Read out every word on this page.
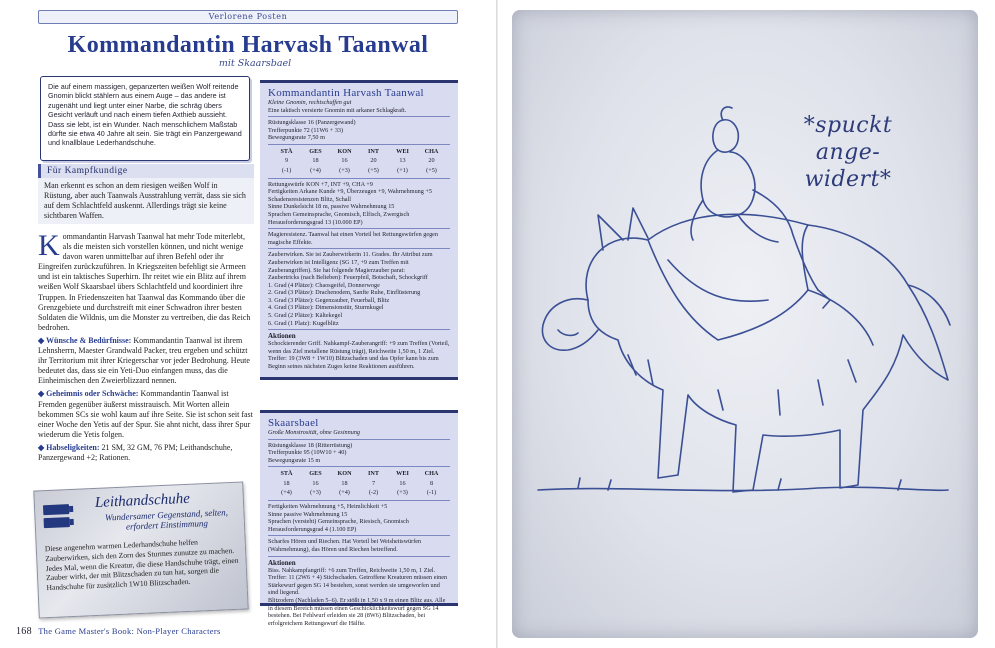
Verlorene Posten
Kommandantin Harvash Taanwal
mit Skaarsbael

Die auf einem massigen, gepanzerten weißen Wolf reitende Gnomin blickt stählern aus einem Auge – das andere ist zugenäht und liegt unter einer Narbe, die schräg übers Gesicht verläuft und nach einem tiefen Axthieb aussieht. Dass sie lebt, ist ein Wunder. Nach menschlichem Maßstab dürfte sie etwa 40 Jahre alt sein. Sie trägt ein Panzergewand und knallblaue Lederhandschuhe.

Für Kampfkundige
Man erkennt es schon an dem riesigen weißen Wolf in Rüstung, aber auch Taanwals Ausstrahlung verrät, dass sie sich auf dem Schlachtfeld auskennt. Allerdings trägt sie keine sichtbaren Waffen.

Kommandantin Harvash Taanwal hat mehr Tode miterlebt, als die meisten sich vorstellen können, und nicht wenige davon waren unmittelbar auf ihren Befehl oder ihr Eingreifen zurückzuführen. In Kriegszeiten befehligt sie Armeen und ist ein taktisches Superhirn. Ihr reitet wie ein Blitz auf ihrem weißen Wolf Skaarsbael übers Schlachtfeld und koordiniert ihre Truppen. In Friedenszeiten hat Taanwal das Kommando über die Grenzgebiete und durchstreift mit einer Schwadron ihrer besten Soldaten die Wildnis, um die Monster zu vertreiben, die das Reich bedrohen.

◆ Wünsche & Bedürfnisse: Kommandantin Taanwal ist ihrem Lehnsherrn, Maester Grandwald Packer, treu ergeben und schützt ihr Territorium mit ihrer Kriegerschar vor jeder Bedrohung. Heute bedeutet das, dass sie ein Yeti-Duo einfangen muss, das die Einheimischen den Zweierblizzard nennen.

◆ Geheimnis oder Schwäche: Kommandantin Taanwal ist Fremden gegenüber äußerst misstrauisch. Mit Worten allein bekommen SCs sie wohl kaum auf ihre Seite. Sie ist schon seit fast einer Woche den Yetis auf der Spur. Sie ahnt nicht, dass ihrer Spur wiederum die Yetis folgen.

◆ Habseligkeiten: 21 SM, 32 GM, 76 PM; Leithandschuhe, Panzergewand +2; Rationen.

Leithandschuhe
Wundersamer Gegenstand, selten, erfordert Einstimmung
Diese angenehm warmen Lederhandschuhe helfen Zauberwirken, sich den Zorn des Sturmes zunutze zu machen. Jedes Mal, wenn die Kreatur, die diese Handschuhe trägt, einen Zauber wirkt, der mit Blitzschaden zu tun hat, sorgen die Handschuhe für zusätzlich 1W10 Blitzschaden.
168 The Game Master's Book: Non-Player Characters
Kommandantin Harvash Taanwal
Kleine Gnomin, rechtschaffen gut
Eine taktisch versierte Gnomin mit arkaner Schlagkraft.
Rüstungsklasse 16 (Panzergewand)
Trefferpunkte 72 (11W6 + 33)
Bewegungsrate 7,50 m
STÄ	GES	KON	INT	WEI	CHA
9	18	16	20	13	20
(-1)	(+4)	(+3)	(+5)	(+1)	(+5)
Rettungswürfe KON +7, INT +9, CHA +9
Fertigkeiten Arkane Kunde +9, Überzeugen +9, Wahrnehmung +5
Schadensresistenzen Blitz, Schall
Sinne Dunkelsicht 18 m, passive Wahrnehmung 15
Sprachen Gemeinsprache, Gnomisch, Elfisch, Zwergisch
Herausforderungsgrad 13 (10.000 EP)
Magieresistenz. Taanwal hat einen Vorteil bei Rettungswürfen gegen magische Effekte.
Zauberwirken. Sie ist Zauberwirkerin 11. Grades. Ihr Attribut zum Zauberwirken ist Intelligenz (SG 17, +9 zum Treffen mit Zauberangriffen). Sie hat folgende Magierzauber parat:
Zaubertricks (nach Belieben): Feuerpfeil, Botschaft, Schockgriff
1. Grad (4 Plätze): Chaosgeifel, Donnerwoge
2. Grad (3 Plätze): Drachenodem, Sanfte Ruhe, Einflüsterung
3. Grad (3 Plätze): Gegenzauber, Feuerball, Blitz
4. Grad (3 Plätze): Dimensionstür, Sturmkugel
5. Grad (2 Plätze): Kältekegel
6. Grad (1 Platz): Kugelblitz
Aktionen
Schockierender Griff. Nahkampf-Zauberangriff: +9 zum Treffen (Vorteil, wenn das Ziel metallene Rüstung trägt), Reichweite 1,50 m, 1 Ziel. Treffer: 19 (3W8 + 1W10) Blitzschaden und das Opfer kann bis zum Beginn seines nächsten Zuges keine Reaktionen ausführen.
Skaarsbael
Große Monstrosität, ohne Gesinnung
Rüstungsklasse 18 (Ritterrüstung)
Trefferpunkte 95 (10W10 + 40)
Bewegungsrate 15 m
STÄ	GES	KON	INT	WEI	CHA
18	16	18	7	16	8
(+4)	(+3)	(+4)	(-2)	(+3)	(-1)
Fertigkeiten Wahrnehmung +5, Heimlichkeit +5
Sinne passive Wahrnehmung 15
Sprachen (versteht) Gemeinsprache, Riesisch, Gnomisch
Herausforderungsgrad 4 (1.100 EP)
Scharfes Hören und Riechen. Hat Vorteil bei Weisheitswürfen (Wahrnehmung), das Hören und Riechen betreffend.
Aktionen
Biss. Nahkampfangriff: +6 zum Treffen, Reichweite 1,50 m, 1 Ziel. Treffer: 11 (2W6 + 4) Stichschaden. Getroffene Kreaturen müssen einen Stärkewurf gegen SG 14 bestehen, sonst werden sie umgeworfen und sind liegend.
Blitzodem (Nachladen 5–6). Er stößt in 1,50 x 9 m einen Blitz aus. Alle in diesem Bereich müssen einen Geschicklichkeitswurf gegen SG 14 bestehen. Bei Fehlwurf erleiden sie 28 (8W6) Blitzschaden, bei erfolgreichem Rettungswurf die Hälfte.
*spuckt
ange-
widert*
